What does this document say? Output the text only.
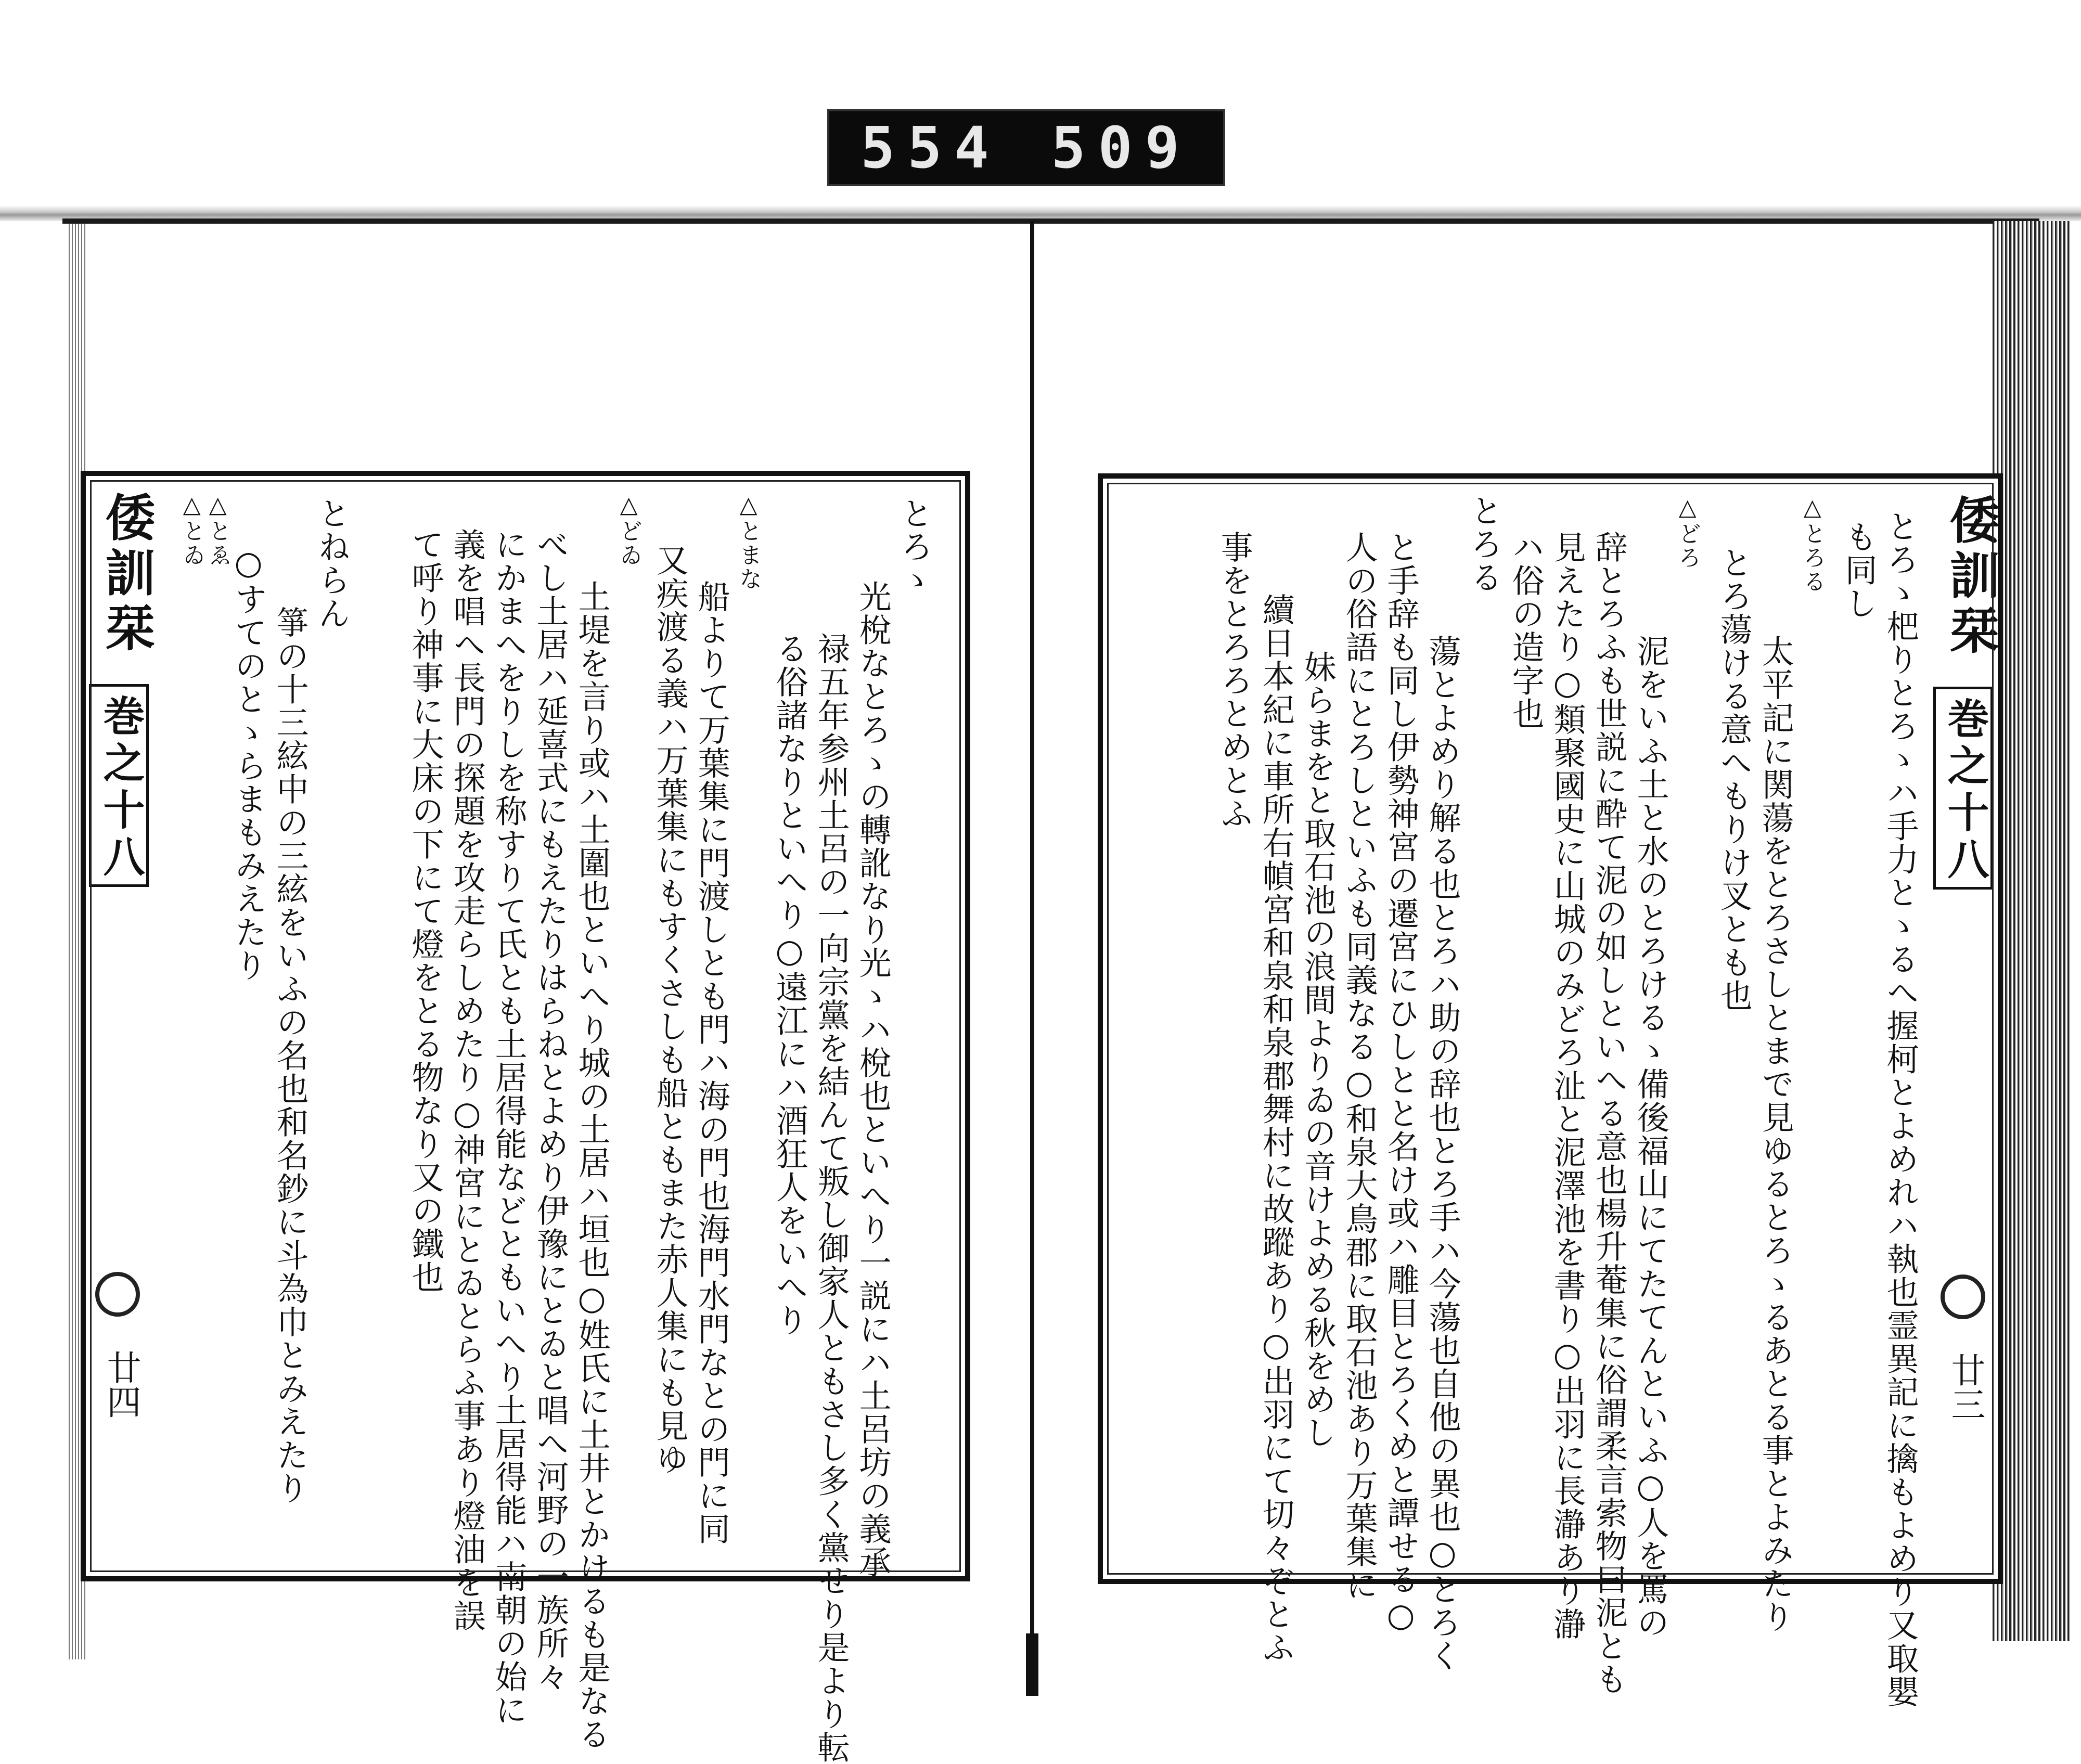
554 509
倭訓栞
巻之十八
廿四
とろゝ
光梲なとろゝの轉訛なり光ゝハ梲也といへり一説にハ土呂坊の義承
禄五年参州土呂の一向宗黨を結んて叛し御家人ともさし多く黨せり是より転
る俗諸なりといへり○遠江にハ酒狂人をいへり
△とまな
船よりて万葉集に門渡しとも門ハ海の門也海門水門なとの門に同
又疾渡る義ハ万葉集にもすくさしも船ともまた赤人集にも見ゆ
△どゐ
土堤を言り或ハ土圍也といへり城の土居ハ垣也○姓氏に土井とかけるも是なる
べし土居ハ延喜式にもえたりはらねとよめり伊豫にとゐと唱へ河野の一族所々
にかまへをりしを称すりて氏とも土居得能などともいへり土居得能ハ南朝の始に
義を唱へ長門の探題を攻走らしめたり○神宮にとゐとらふ事あり燈油を誤
て呼り神事に大床の下にて燈をとる物なり又の鐵也
△とゑ
△とゐ	とねらん
箏の十三絃中の三絃をいふの名也和名鈔に斗為巾とみえたり
○すてのとゝらまもみえたり	倭訓栞
巻之十八
廿三
とろゝ杷りとろゝハ手力とゝるへ握柯とよめれハ執也霊異記に擒もよめり又取嬰
も同し
△とろる
太平記に関蕩をとろさしとまで見ゆるとろゝるあとる事とよみたり
とろ蕩ける意へもりけ叉とも也
△どろ
泥をいふ土と水のとろけるゝ備後福山にてたてんといふ○人を罵の
辞とろふも世説に酔て泥の如しといへる意也楊升菴集に俗謂柔言索物曰泥とも
見えたり○類聚國史に山城のみどろ沚と泥澤池を書り○出羽に長瀞あり瀞
ハ俗の造字也
とろる
蕩とよめり解る也とろハ助の辞也とろ手ハ今蕩也自他の異也○とろく
と手辞も同し伊勢神宮の遷宮にひしとと名け或ハ雕目とろくめと譚せる○
人の俗語にとろしといふも同義なる○和泉大鳥郡に取石池あり万葉集に
妹らまをと取石池の浪間よりゐの音けよめる秋をめし
續日本紀に車所右幀宮和泉和泉郡舞村に故蹤あり○出羽にて切々ぞとふ
事をとろろとめとふ
